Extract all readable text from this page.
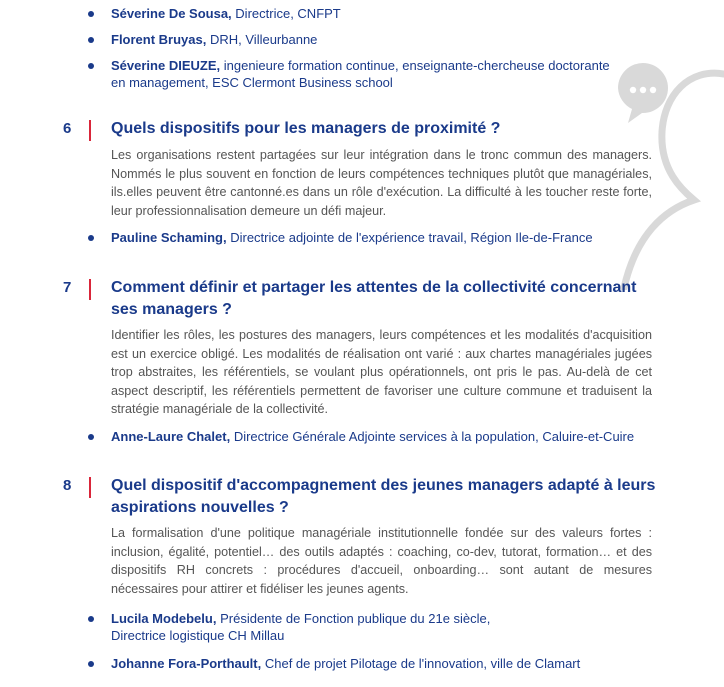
Séverine De Sousa, Directrice, CNFPT
Florent Bruyas, DRH, Villeurbanne
Séverine DIEUZE, ingenieure formation continue, enseignante-chercheuse doctorante
en management, ESC Clermont Business school
6 Quels dispositifs pour les managers de proximité ?

Les organisations restent partagées sur leur intégration dans le tronc commun des managers. Nommés le plus souvent en fonction de leurs compétences techniques plutôt que managériales, ils.elles peuvent être cantonné.es dans un rôle d'exécution. La difficulté à les toucher reste forte, leur professionnalisation demeure un défi majeur.

Pauline Schaming, Directrice adjointe de l'expérience travail, Région Ile-de-France
7 Comment définir et partager les attentes de la collectivité concernant ses managers ?

Identifier les rôles, les postures des managers, leurs compétences et les modalités d'acquisition est un exercice obligé. Les modalités de réalisation ont varié : aux chartes managériales jugées trop abstraites, les référentiels, se voulant plus opérationnels, ont pris le pas. Au-delà de cet aspect descriptif, les référentiels permettent de favoriser une culture commune et traduisent la stratégie managériale de la collectivité.

Anne-Laure Chalet, Directrice Générale Adjointe services à la population, Caluire-et-Cuire
8 Quel dispositif d'accompagnement des jeunes managers adapté à leurs aspirations nouvelles ?

La formalisation d'une politique managériale institutionnelle fondée sur des valeurs fortes : inclusion, égalité, potentiel… des outils adaptés : coaching, co-dev, tutorat, formation… et des dispositifs RH concrets : procédures d'accueil, onboarding… sont autant de mesures nécessaires pour attirer et fidéliser les jeunes agents.

Lucila Modebelu, Présidente de Fonction publique du 21e siècle,
Directrice logistique CH Millau
Johanne Fora-Porthault, Chef de projet Pilotage de l'innovation, ville de Clamart
